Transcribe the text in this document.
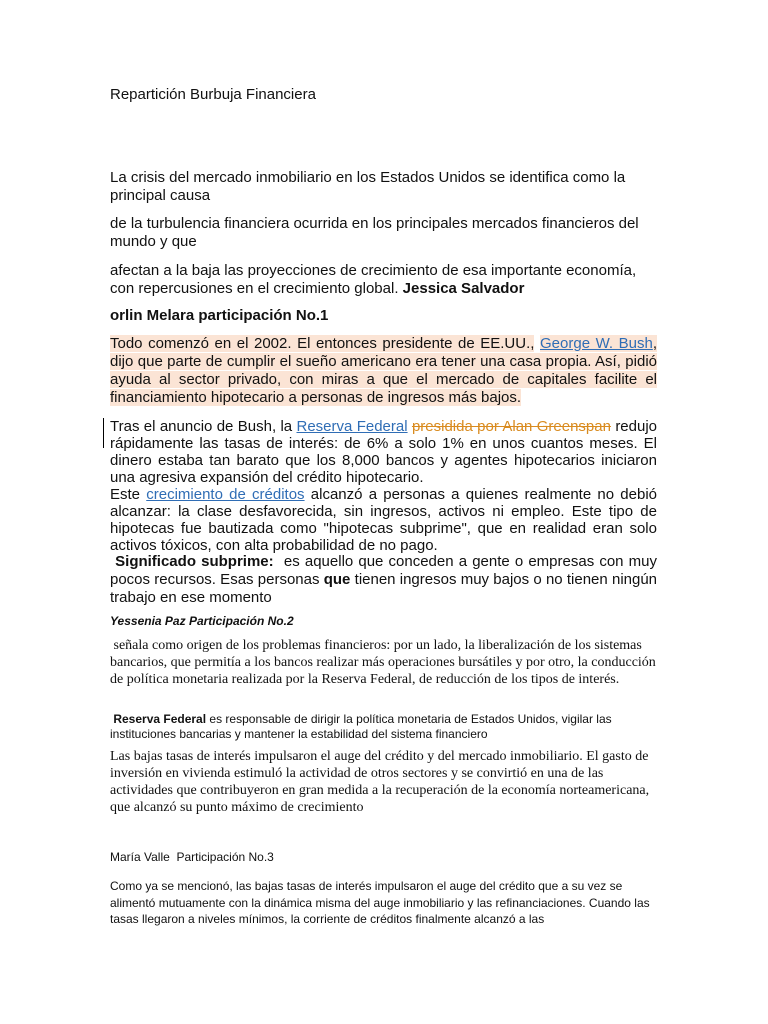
Repartición Burbuja Financiera

La crisis del mercado inmobiliario en los Estados Unidos se identifica como la principal causa

de la turbulencia financiera ocurrida en los principales mercados financieros del mundo y que

afectan a la baja las proyecciones de crecimiento de esa importante economía, con repercusiones en el crecimiento global. Jessica Salvador

orlin Melara participación No.1

Todo comenzó en el 2002. El entonces presidente de EE.UU., George W. Bush, dijo que parte de cumplir el sueño americano era tener una casa propia. Así, pidió ayuda al sector privado, con miras a que el mercado de capitales facilite el financiamiento hipotecario a personas de ingresos más bajos.

Tras el anuncio de Bush, la Reserva Federal presidida por Alan Greenspan redujo rápidamente las tasas de interés: de 6% a solo 1% en unos cuantos meses. El dinero estaba tan barato que los 8,000 bancos y agentes hipotecarios iniciaron una agresiva expansión del crédito hipotecario.

Este crecimiento de créditos alcanzó a personas a quienes realmente no debió alcanzar: la clase desfavorecida, sin ingresos, activos ni empleo. Este tipo de hipotecas fue bautizada como "hipotecas subprime", que en realidad eran solo activos tóxicos, con alta probabilidad de no pago.

Significado subprime: es aquello que conceden a gente o empresas con muy pocos recursos. Esas personas que tienen ingresos muy bajos o no tienen ningún trabajo en ese momento

Yessenia Paz Participación No.2

señala como origen de los problemas financieros: por un lado, la liberalización de los sistemas bancarios, que permitía a los bancos realizar más operaciones bursátiles y por otro, la conducción de política monetaria realizada por la Reserva Federal, de reducción de los tipos de interés.

Reserva Federal es responsable de dirigir la política monetaria de Estados Unidos, vigilar las instituciones bancarias y mantener la estabilidad del sistema financiero

Las bajas tasas de interés impulsaron el auge del crédito y del mercado inmobiliario. El gasto de inversión en vivienda estimuló la actividad de otros sectores y se convirtió en una de las actividades que contribuyeron en gran medida a la recuperación de la economía norteamericana, que alcanzó su punto máximo de crecimiento

María Valle  Participación No.3

Como ya se mencionó, las bajas tasas de interés impulsaron el auge del crédito que a su vez se alimentó mutuamente con la dinámica misma del auge inmobiliario y las refinanciaciones. Cuando las tasas llegaron a niveles mínimos, la corriente de créditos finalmente alcanzó a las
